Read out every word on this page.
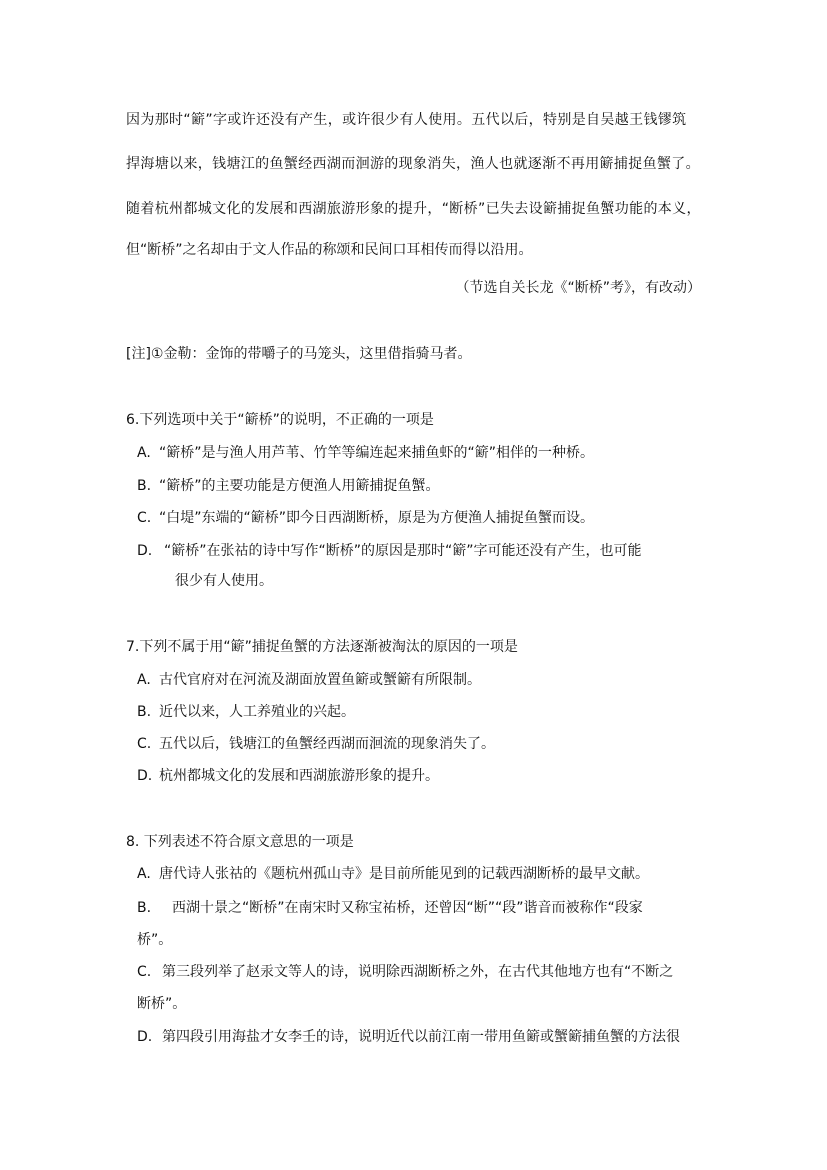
因为那时“簖”字或许还没有产生，或许很少有人使用。五代以后，特别是自吴越王钱镠筑
捍海塘以来，钱塘江的鱼蟹经西湖而洄游的现象消失，渔人也就逐渐不再用簖捕捉鱼蟹了。
随着杭州都城文化的发展和西湖旅游形象的提升，“断桥”已失去设簖捕捉鱼蟹功能的本义，
但“断桥”之名却由于文人作品的称颂和民间口耳相传而得以沿用。
（节选自关长龙《“断桥”考》，有改动）
[注]①金勒：金饰的带嚼子的马笼头，这里借指骑马者。
6.下列选项中关于“簖桥”的说明，不正确的一项是
A. “簖桥”是与渔人用芦苇、竹竿等编连起来捕鱼虾的“簖”相伴的一种桥。
B. “簖桥”的主要功能是方便渔人用簖捕捉鱼蟹。
C. “白堤”东端的“簖桥”即今日西湖断桥，原是为方便渔人捕捉鱼蟹而设。
D. “簖桥”在张祜的诗中写作“断桥”的原因是那时“簖”字可能还没有产生，也可能
很少有人使用。
7.下列不属于用“簖”捕捉鱼蟹的方法逐渐被淘汰的原因的一项是
A. 古代官府对在河流及湖面放置鱼簖或蟹簖有所限制。
B. 近代以来，人工养殖业的兴起。
C. 五代以后，钱塘江的鱼蟹经西湖而洄流的现象消失了。
D. 杭州都城文化的发展和西湖旅游形象的提升。
8. 下列表述不符合原文意思的一项是
A. 唐代诗人张祜的《题杭州孤山寺》是目前所能见到的记载西湖断桥的最早文献。
B. 西湖十景之“断桥”在南宋时又称宝祐桥，还曾因“断”“段”谐音而被称作“段家
桥”。
C. 第三段列举了赵汞文等人的诗，说明除西湖断桥之外，在古代其他地方也有“不断之
断桥”。
D. 第四段引用海盐才女李壬的诗，说明近代以前江南一带用鱼簖或蟹簖捕鱼蟹的方法很
